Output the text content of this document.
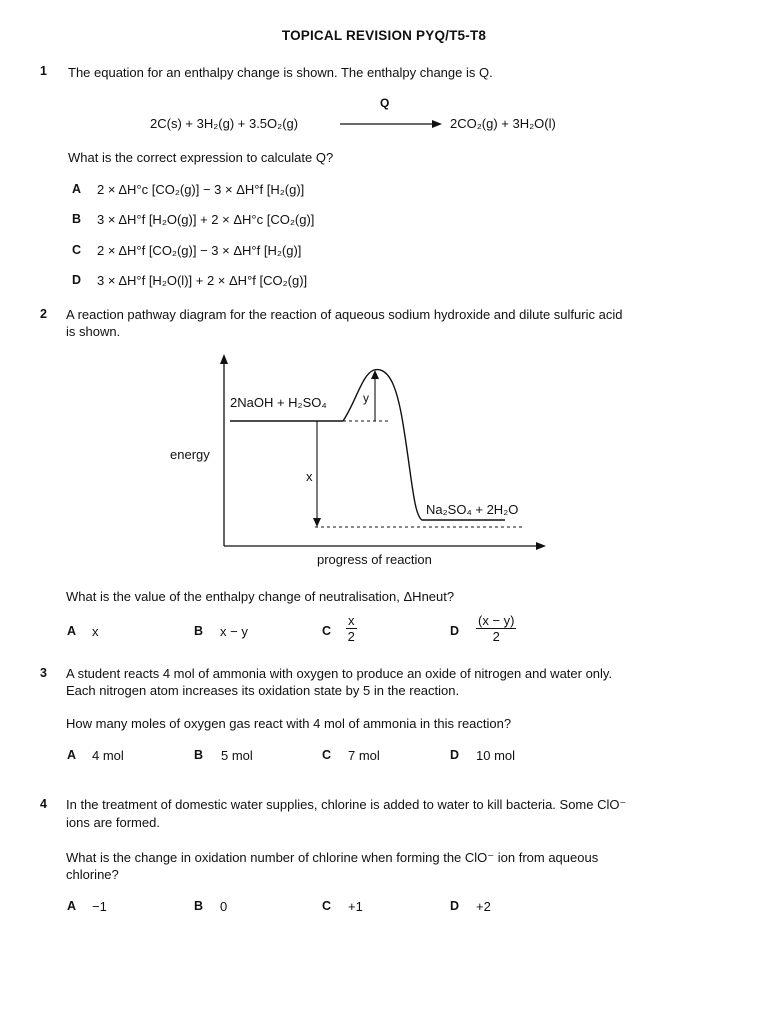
TOPICAL REVISION PYQ/T5-T8
1 The equation for an enthalpy change is shown. The enthalpy change is Q.
2C(s) + 3H₂(g) + 3.5O₂(g)
Q
2CO₂(g) + 3H₂O(l)
What is the correct expression to calculate Q?
A 2 × ΔH°c [CO₂(g)] − 3 × ΔH°f [H₂(g)]
B 3 × ΔH°f [H₂O(g)] + 2 × ΔH°c [CO₂(g)]
C 2 × ΔH°f [CO₂(g)] − 3 × ΔH°f [H₂(g)]
D 3 × ΔH°f [H₂O(l)] + 2 × ΔH°f [CO₂(g)]
2 A reaction pathway diagram for the reaction of aqueous sodium hydroxide and dilute sulfuric acid
is shown.
2NaOH + H₂SO₄
energy
x
y
Na₂SO₄ + 2H₂O
progress of reaction
What is the value of the enthalpy change of neutralisation, ΔHneut?
A x	B x − y	C $\frac{x}{2}$	D $\frac{(x - y)}{2}$
3 A student reacts 4 mol of ammonia with oxygen to produce an oxide of nitrogen and water only.
Each nitrogen atom increases its oxidation state by 5 in the reaction.
How many moles of oxygen gas react with 4 mol of ammonia in this reaction?
A 4 mol	B 5 mol	C 7 mol	D 10 mol
4 In the treatment of domestic water supplies, chlorine is added to water to kill bacteria. Some ClO⁻
ions are formed.
What is the change in oxidation number of chlorine when forming the ClO⁻ ion from aqueous
chlorine?
A −1	B 0	C +1	D +2
